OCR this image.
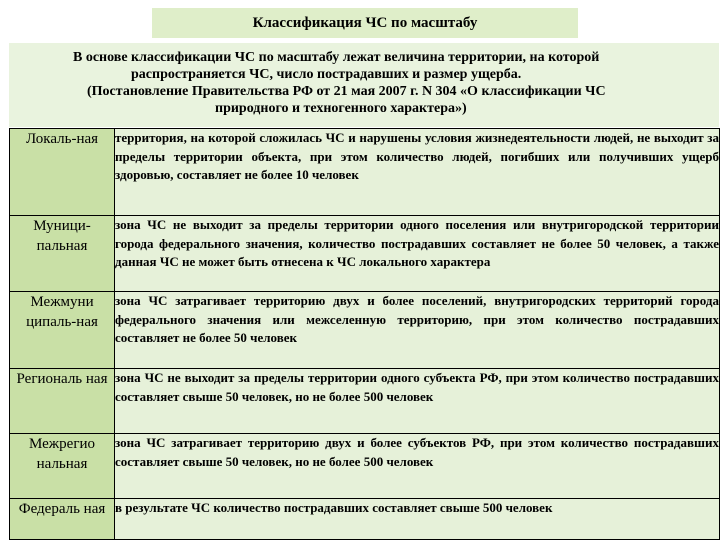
Классификация ЧС по масштабу
В основе классификации ЧС по масштабу лежат величина территории, на которой
распространяется ЧС, число пострадавших и размер ущерба.
(Постановление Правительства РФ от 21 мая 2007 г. N 304 «О классификации ЧС
природного и техногенного характера»)
Локаль-ная	территория, на которой сложилась ЧС и нарушены условия жизнедеятельности людей, не выходит за пределы территории объекта, при этом количество людей, погибших или получивших ущерб здоровью, составляет не более 10 человек
Муници-пальная	зона ЧС не выходит за пределы территории одного поселения или внутригородской территории города федерального значения, количество пострадавших составляет не более 50 человек, а также данная ЧС не может быть отнесена к ЧС локального характера
Межмуни ципаль-ная	зона ЧС затрагивает территорию двух и более поселений, внутригородских территорий города федерального значения или межселенную территорию, при этом количество пострадавших составляет не более 50 человек
Региональ ная	зона ЧС не выходит за пределы территории одного субъекта РФ, при этом количество пострадавших составляет свыше 50 человек, но не более 500 человек
Межрегио нальная	зона ЧС затрагивает территорию двух и более субъектов РФ, при этом количество пострадавших составляет свыше 50 человек, но не более 500 человек
Федераль ная	в результате ЧС количество пострадавших составляет свыше 500 человек
